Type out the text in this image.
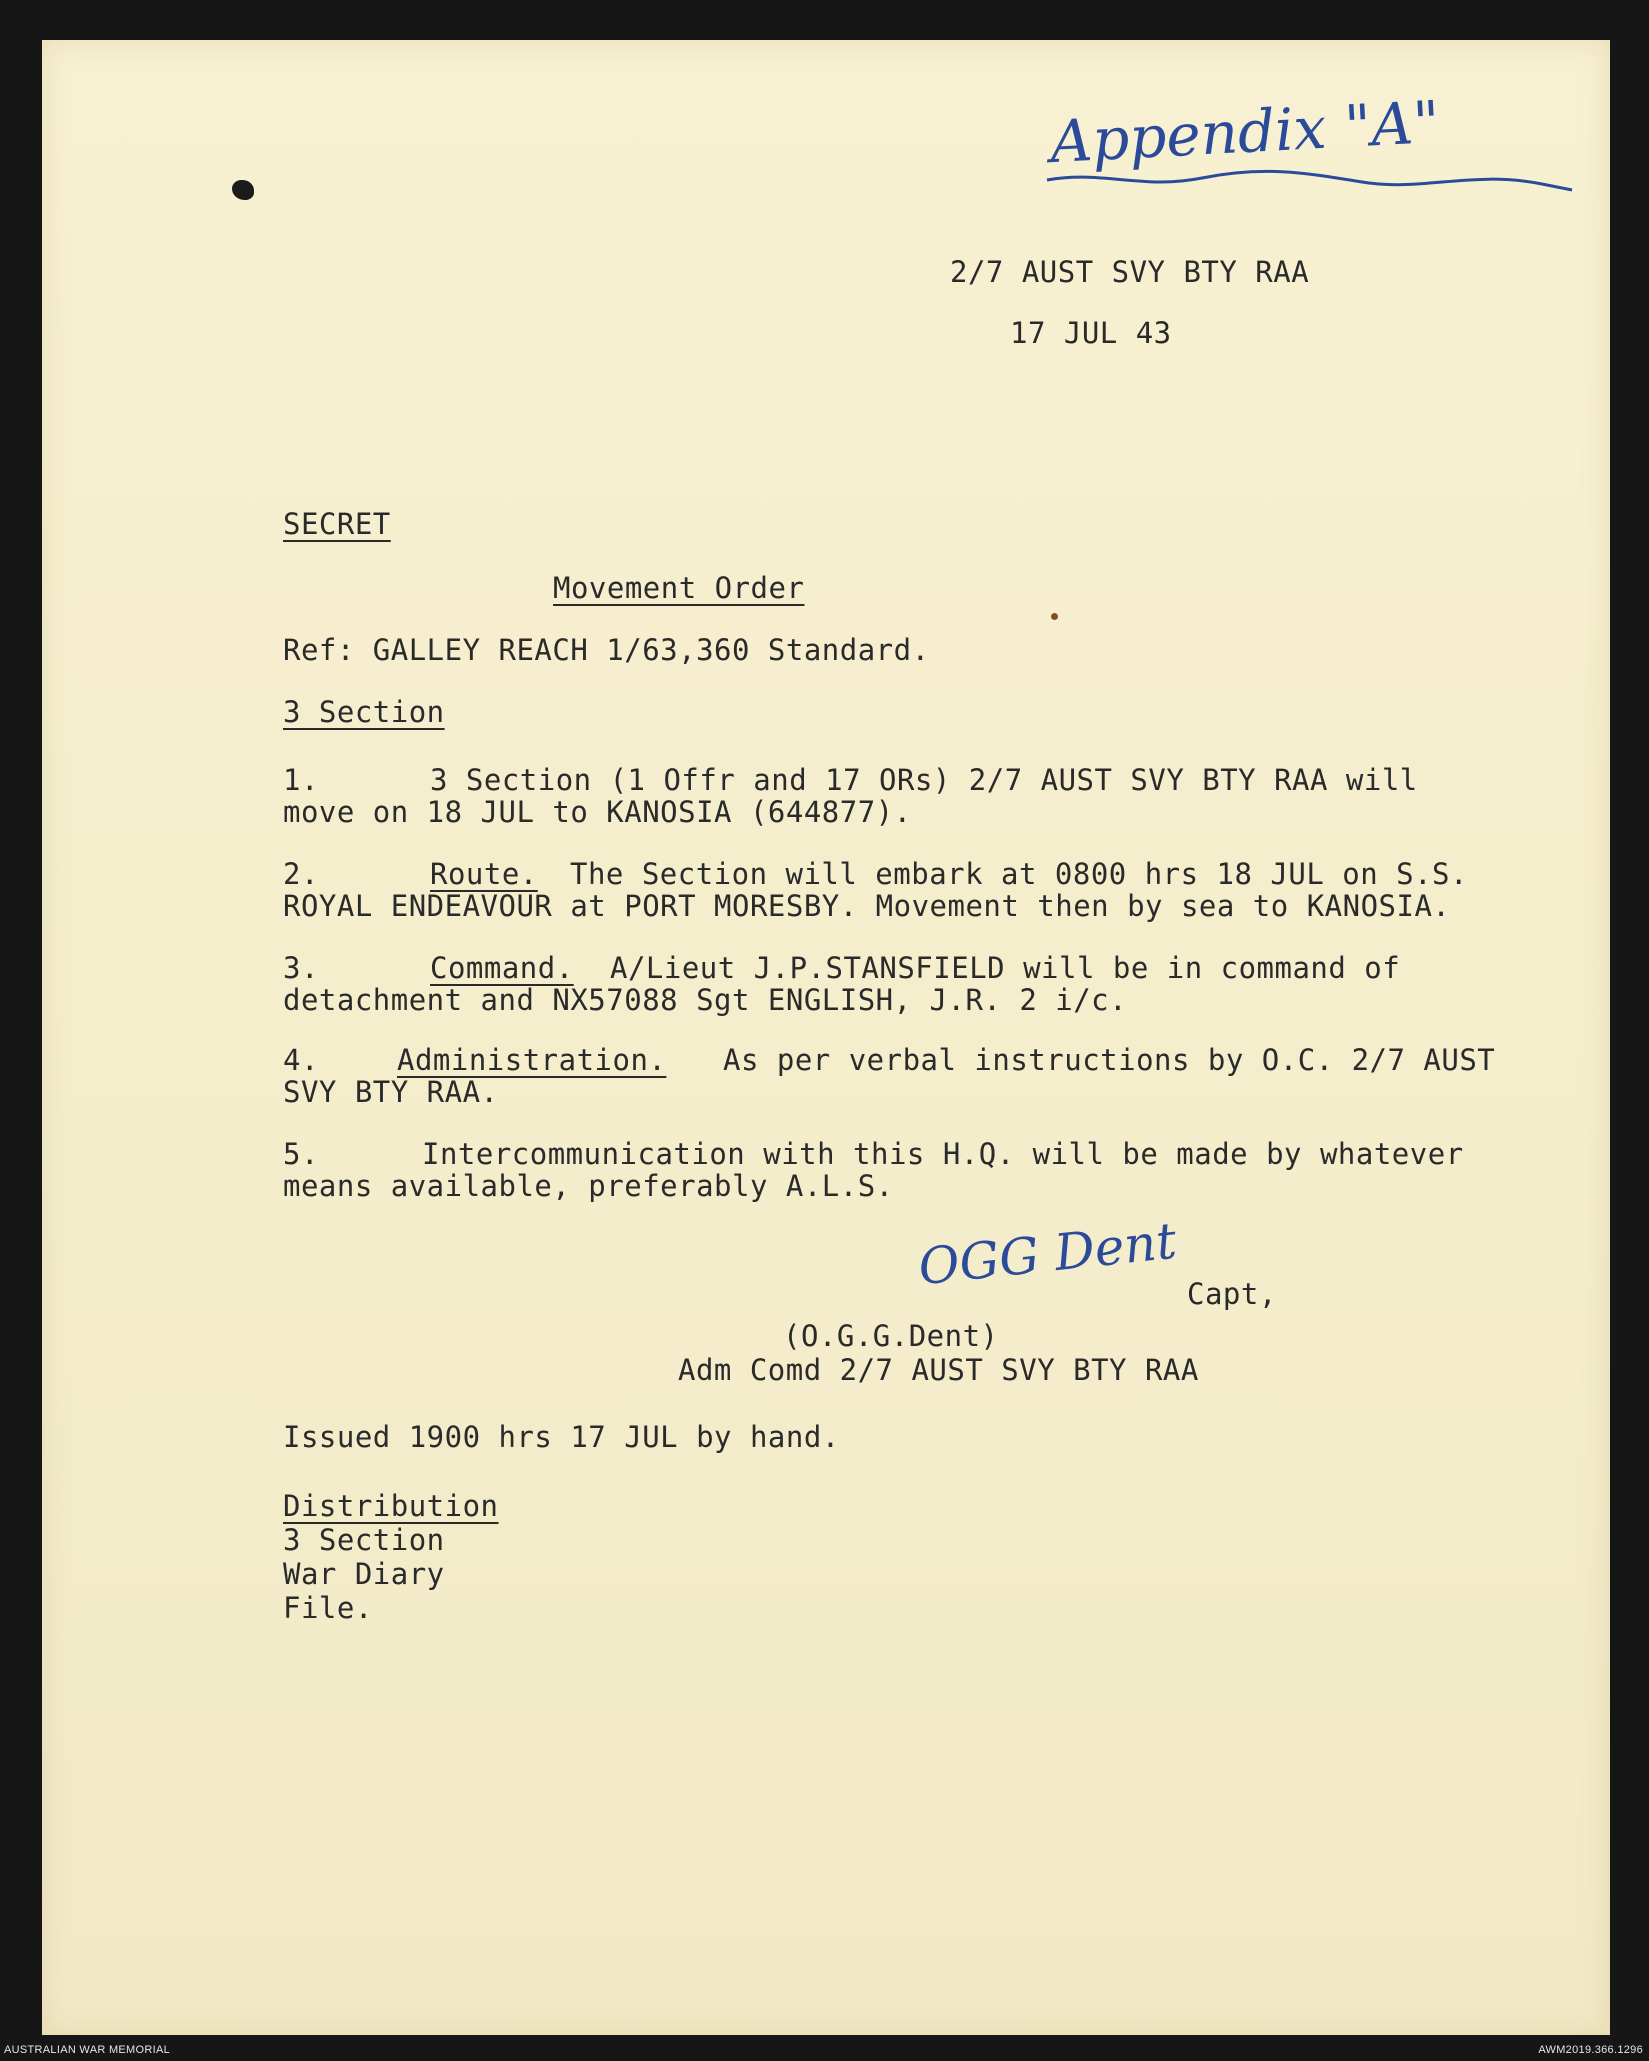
Appendix "A"
2/7 AUST SVY BTY RAA
17 JUL 43
SECRET
Movement Order
Ref: GALLEY REACH 1/63,360 Standard.
3 Section
1.	3 Section (1 Offr and 17 ORs) 2/7 AUST SVY BTY RAA will
move on 18 JUL to KANOSIA (644877).
2.	Route. The Section will embark at 0800 hrs 18 JUL on S.S.
ROYAL ENDEAVOUR at PORT MORESBY. Movement then by sea to KANOSIA.
3.	Command. A/Lieut J.P.STANSFIELD will be in command of
detachment and NX57088 Sgt ENGLISH, J.R. 2 i/c.
4.	Administration. As per verbal instructions by O.C. 2/7 AUST
SVY BTY RAA.
5.	Intercommunication with this H.Q. will be made by whatever
means available, preferably A.L.S.
OGG Dent Capt,
(O.G.G.Dent)
Adm Comd 2/7 AUST SVY BTY RAA
Issued 1900 hrs 17 JUL by hand.
Distribution
3 Section
War Diary
File.
AUSTRALIAN WAR MEMORIAL	AWM2019.366.1296
